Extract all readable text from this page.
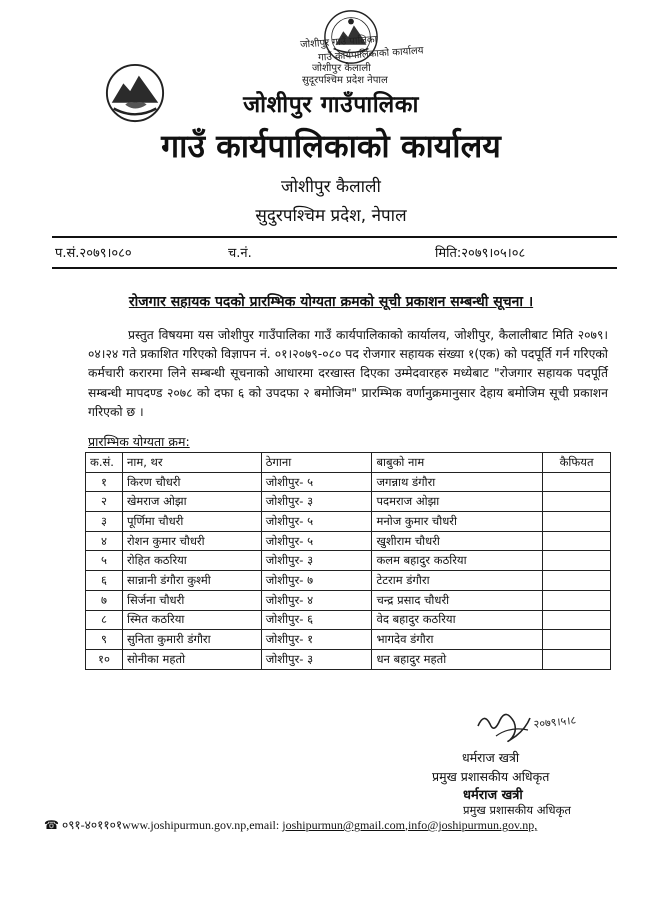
जोशीपुर गाउँ पालिका
गाउँ कार्यपालिकाको कार्यालय
जोशीपुर कैलाली
सुदूरपश्चिम प्रदेश नेपाल
जोशीपुर गाउँपालिका
गाउँ कार्यपालिकाको कार्यालय
जोशीपुर कैलाली
सुदुरपश्चिम प्रदेश, नेपाल
प.सं.२०७९।०८०	च.नं.	मिति:२०७९।०५।०८
रोजगार सहायक पदको प्रारम्भिक योग्यता क्रमको सूची प्रकाशन सम्बन्धी सूचना ।
प्रस्तुत विषयमा यस जोशीपुर गाउँपालिका गाउँ कार्यपालिकाको कार्यालय, जोशीपुर, कैलालीबाट मिति २०७९।०४।२४ गते प्रकाशित गरिएको विज्ञापन नं. ०१।२०७९-०८० पद रोजगार सहायक संख्या १(एक) को पदपूर्ति गर्न गरिएको कर्मचारी करारमा लिने सम्बन्धी सूचनाको आधारमा दरखास्त दिएका उम्मेदवारहरु मध्येबाट "रोजगार सहायक पदपूर्ति सम्बन्धी मापदण्ड २०७८ को दफा ६ को उपदफा २ बमोजिम" प्रारम्भिक वर्णानुक्रमानुसार देहाय बमोजिम सूची प्रकाशन गरिएको छ ।
प्रारम्भिक योग्यता क्रम:
क.सं.	नाम, थर	ठेगाना	बाबुको नाम	कैफियत
१	किरण चौधरी	जोशीपुर- ५	जगन्नाथ डंगौरा	
२	खेमराज ओझा	जोशीपुर- ३	पदमराज ओझा	
३	पूर्णिमा चौधरी	जोशीपुर- ५	मनोज कुमार चौधरी	
४	रोशन कुमार चौधरी	जोशीपुर- ५	खुशीराम चौधरी	
५	रोहित कठरिया	जोशीपुर- ३	कलम बहादुर कठरिया	
६	सान्नानी डंगौरा कुश्मी	जोशीपुर- ७	टेटराम डंगौरा	
७	सिर्जना चौधरी	जोशीपुर- ४	चन्द्र प्रसाद चौधरी	
८	स्मित कठरिया	जोशीपुर- ६	वेद बहादुर कठरिया	
९	सुनिता कुमारी डंगौरा	जोशीपुर- १	भागदेव डंगौरा	
१०	सोनीका महतो	जोशीपुर- ३	धन बहादुर महतो	
२०७९।५।८
धर्मराज खत्री
प्रमुख प्रशासकीय अधिकृत
धर्मराज खत्री
प्रमुख प्रशासकीय अधिकृत
☎ ०९१-४०११०१www.joshipurmun.gov.np,email: joshipurmun@gmail.com,info@joshipurmun.gov.np,
